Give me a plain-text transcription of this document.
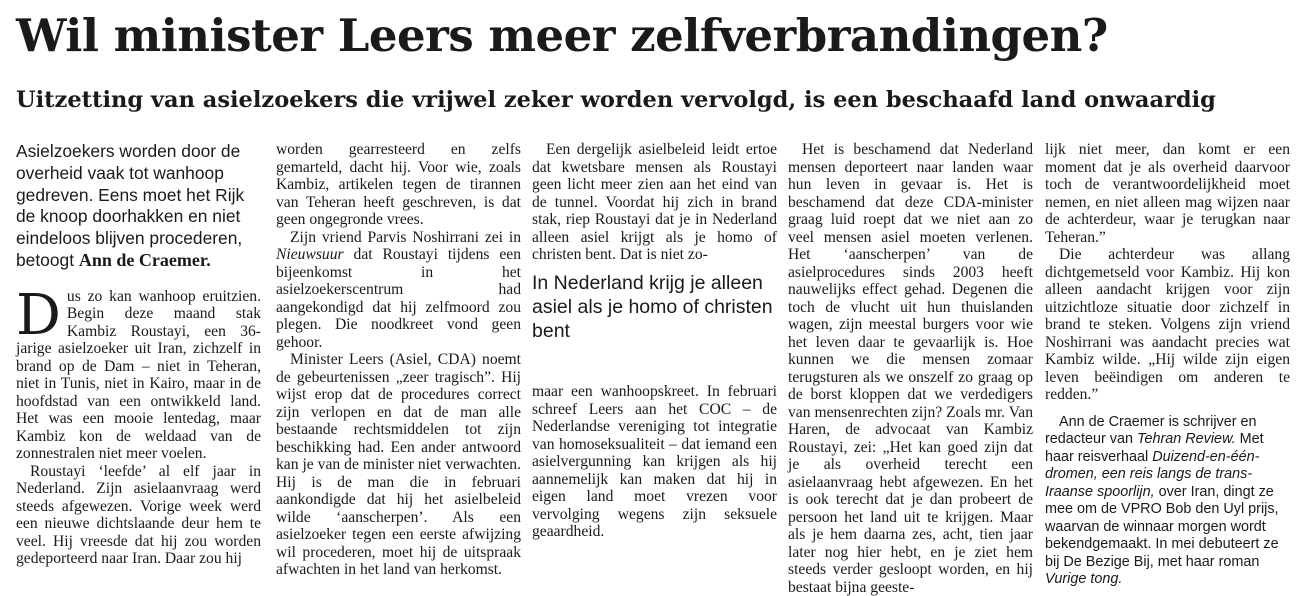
Wil minister Leers meer zelfverbrandingen?
Uitzetting van asielzoekers die vrijwel zeker worden vervolgd, is een beschaafd land onwaardig

Asielzoekers worden door de overheid vaak tot wanhoop gedreven. Eens moet het Rijk de knoop doorhakken en niet eindeloos blijven procederen, betoogt Ann de Craemer.

Dus zo kan wanhoop eruitzien. Begin deze maand stak Kambiz Roustayi, een 36-jarige asielzoeker uit Iran, zichzelf in brand op de Dam – niet in Teheran, niet in Tunis, niet in Kairo, maar in de hoofdstad van een ontwikkeld land. Het was een mooie lentedag, maar Kambiz kon de weldaad van de zonnestralen niet meer voelen.

Roustayi ‘leefde’ al elf jaar in Nederland. Zijn asielaanvraag werd steeds afgewezen. Vorige week werd een nieuwe dichtslaande deur hem te veel. Hij vreesde dat hij zou worden gedeporteerd naar Iran. Daar zou hij

worden gearresteerd en zelfs gemarteld, dacht hij. Voor wie, zoals Kambiz, artikelen tegen de tirannen van Teheran heeft geschreven, is dat geen ongegronde vrees.

Zijn vriend Parvis Noshirrani zei in Nieuwsuur dat Roustayi tijdens een bijeenkomst in het asielzoekerscentrum had aangekondigd dat hij zelfmoord zou plegen. Die noodkreet vond geen gehoor.

Minister Leers (Asiel, CDA) noemt de gebeurtenissen „zeer tragisch”. Hij wijst erop dat de procedures correct zijn verlopen en dat de man alle bestaande rechtsmiddelen tot zijn beschikking had. Een ander antwoord kan je van de minister niet verwachten. Hij is de man die in februari aankondigde dat hij het asielbeleid wilde ‘aanscherpen’. Als een asielzoeker tegen een eerste afwijzing wil procederen, moet hij de uitspraak afwachten in het land van herkomst.

Een dergelijk asielbeleid leidt ertoe dat kwetsbare mensen als Roustayi geen licht meer zien aan het eind van de tunnel. Voordat hij zich in brand stak, riep Roustayi dat je in Nederland alleen asiel krijgt als je homo of christen bent. Dat is niet zo-

In Nederland krijg je alleen asiel als je homo of christen bent

maar een wanhoopskreet. In februari schreef Leers aan het COC – de Nederlandse vereniging tot integratie van homoseksualiteit – dat iemand een asielvergunning kan krijgen als hij aannemelijk kan maken dat hij in eigen land moet vrezen voor vervolging wegens zijn seksuele geaardheid.

Het is beschamend dat Nederland mensen deporteert naar landen waar hun leven in gevaar is. Het is beschamend dat deze CDA-minister graag luid roept dat we niet aan zo veel mensen asiel moeten verlenen. Het ‘aanscherpen’ van de asielprocedures sinds 2003 heeft nauwelijks effect gehad. Degenen die toch de vlucht uit hun thuislanden wagen, zijn meestal burgers voor wie het leven daar te gevaarlijk is. Hoe kunnen we die mensen zomaar terugsturen als we onszelf zo graag op de borst kloppen dat we verdedigers van mensenrechten zijn? Zoals mr. Van Haren, de advocaat van Kambiz Roustayi, zei: „Het kan goed zijn dat je als overheid terecht een asielaanvraag hebt afgewezen. En het is ook terecht dat je dan probeert de persoon het land uit te krijgen. Maar als je hem daarna zes, acht, tien jaar later nog hier hebt, en je ziet hem steeds verder gesloopt worden, en hij bestaat bijna geeste-

lijk niet meer, dan komt er een moment dat je als overheid daarvoor toch de verantwoordelijkheid moet nemen, en niet alleen mag wijzen naar de achterdeur, waar je terugkan naar Teheran.”

Die achterdeur was allang dichtgemetseld voor Kambiz. Hij kon alleen aandacht krijgen voor zijn uitzichtloze situatie door zichzelf in brand te steken. Volgens zijn vriend Noshirrani was aandacht precies wat Kambiz wilde. „Hij wilde zijn eigen leven beëindigen om anderen te redden.”

Ann de Craemer is schrijver en redacteur van Tehran Review. Met haar reisverhaal Duizend-en-één-dromen, een reis langs de trans-Iraanse spoorlijn, over Iran, dingt ze mee om de VPRO Bob den Uyl prijs, waarvan de winnaar morgen wordt bekendgemaakt. In mei debuteert ze bij De Bezige Bij, met haar roman Vurige tong.
